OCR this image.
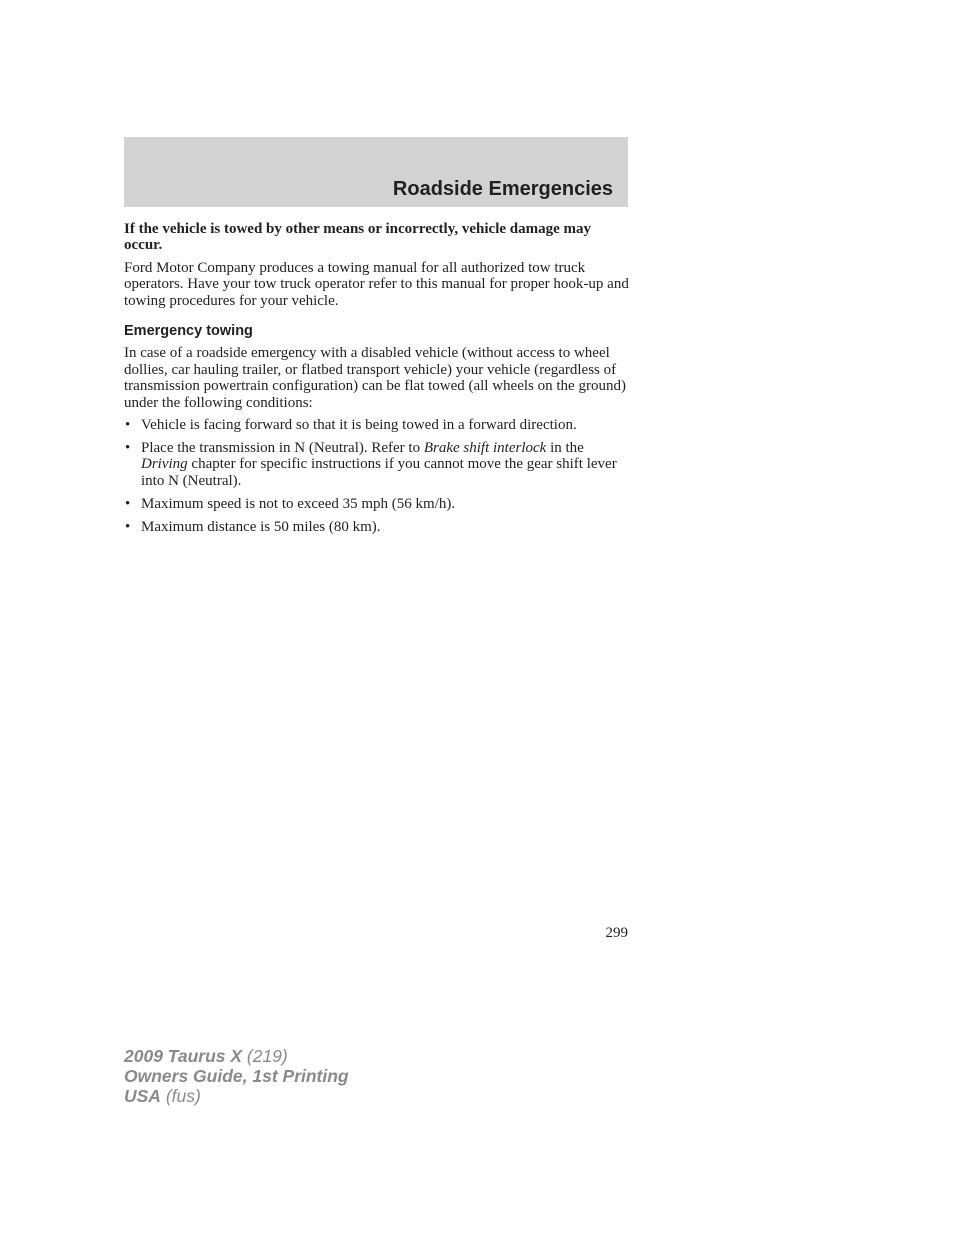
Roadside Emergencies

If the vehicle is towed by other means or incorrectly, vehicle damage may occur.

Ford Motor Company produces a towing manual for all authorized tow truck operators. Have your tow truck operator refer to this manual for proper hook-up and towing procedures for your vehicle.

Emergency towing

In case of a roadside emergency with a disabled vehicle (without access to wheel dollies, car hauling trailer, or flatbed transport vehicle) your vehicle (regardless of transmission powertrain configuration) can be flat towed (all wheels on the ground) under the following conditions:

• Vehicle is facing forward so that it is being towed in a forward direction.
• Place the transmission in N (Neutral). Refer to Brake shift interlock in the Driving chapter for specific instructions if you cannot move the gear shift lever into N (Neutral).
• Maximum speed is not to exceed 35 mph (56 km/h).
• Maximum distance is 50 miles (80 km).
299
2009 Taurus X (219)
Owners Guide, 1st Printing
USA (fus)
